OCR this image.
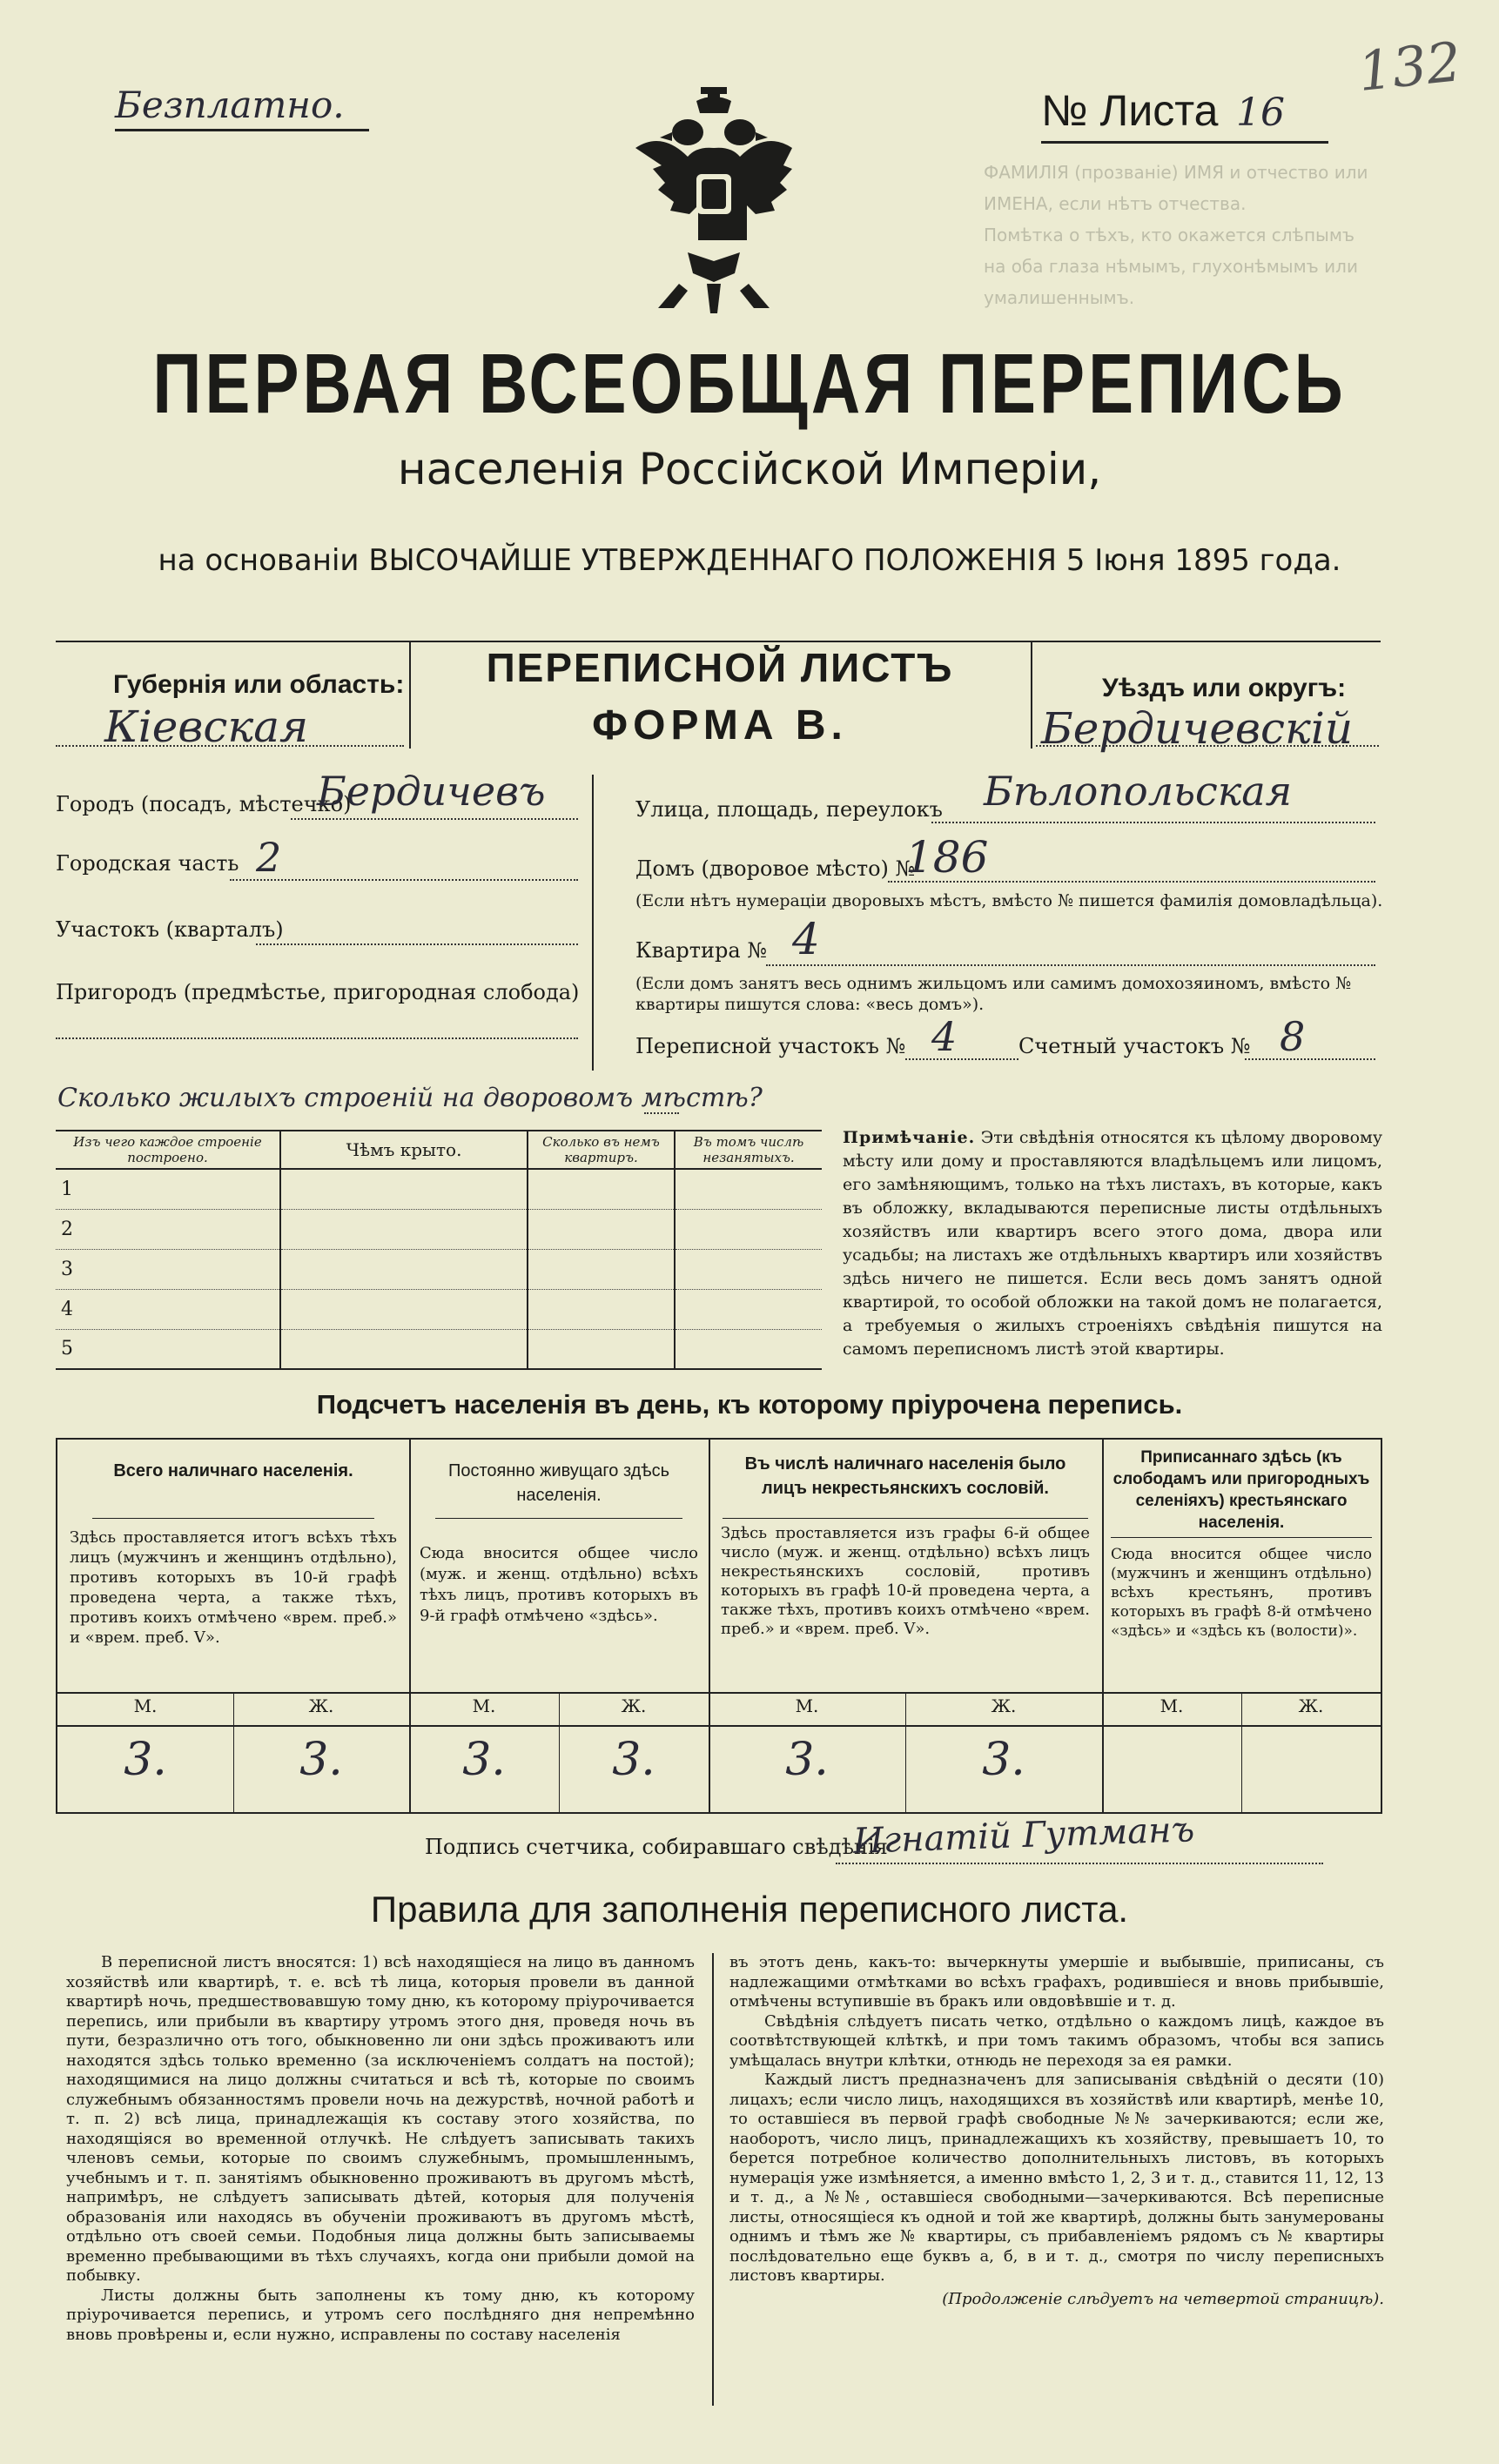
ФАМИЛІЯ (прозваніе) ИМЯ и отчество или
ИМЕНА, если нѣтъ отчества.
Помѣтка о тѣхъ, кто окажется слѣпымъ
на оба глаза нѣмымъ, глухонѣмымъ или
умалишеннымъ.
Безплатно.	№ Листа 16
132
ПЕРВАЯ ВСЕОБЩАЯ ПЕРЕПИСЬ
населенія Россійской Имперіи,
на основаніи ВЫСОЧАЙШЕ УТВЕРЖДЕННАГО ПОЛОЖЕНІЯ 5 Іюня 1895 года.
ПЕРЕПИСНОЙ ЛИСТЪ
ФОРМА В.
Губернія или область:
Кіевская
Уѣздъ или округъ:
Бердичевскій
Городъ (посадъ, мѣстечко)
Бердичевъ
Городская часть 2
Участокъ (кварталъ)
Пригородъ (предмѣстье, пригородная слобода)
Улица, площадь, переулокъ Бѣлопольская
Домъ (дворовое мѣсто) №
186
(Если нѣтъ нумераціи дворовыхъ мѣстъ, вмѣсто № пишется фамилія домовладѣльца).
Квартира № 4
(Если домъ занятъ весь однимъ жильцомъ или самимъ домохозяиномъ, вмѣсто № квартиры пишутся слова: «весь домъ»).
Переписной участокъ № 4	Счетный участокъ № 8
Сколько жилыхъ строеній на дворовомъ мѣстѣ?
Изъ чего каждое строеніе построено.	Чѣмъ крыто.	Сколько въ немъ квартиръ.	Въ томъ числѣ незанятыхъ.
1			
2			
3			
4			
5			
Примѣчаніе. Эти свѣдѣнія относятся къ цѣлому дворовому мѣсту или дому и проставляются владѣльцемъ или лицомъ, его замѣняющимъ, только на тѣхъ листахъ, въ которые, какъ въ обложку, вкладываются переписные листы отдѣльныхъ хозяйствъ или квартиръ всего этого дома, двора или усадьбы; на листахъ же отдѣльныхъ квартиръ или хозяйствъ здѣсь ничего не пишется. Если весь домъ занятъ одной квартирой, то особой обложки на такой домъ не полагается, а требуемыя о жилыхъ строеніяхъ свѣдѣнія пишутся на самомъ переписномъ листѣ этой квартиры.
Подсчетъ населенія въ день, къ которому пріурочена перепись.
Всего наличнаго населенія.
Здѣсь проставляется итогъ всѣхъ тѣхъ лицъ (мужчинъ и женщинъ отдѣльно), противъ которыхъ въ 10-й графѣ проведена черта, а также тѣхъ, противъ коихъ отмѣчено «врем. преб.» и «врем. преб. V».
Постоянно живущаго здѣсь населенія.
Сюда вносится общее число (муж. и женщ. отдѣльно) всѣхъ тѣхъ лицъ, противъ которыхъ въ 9-й графѣ отмѣчено «здѣсь».
Въ числѣ наличнаго населенія было лицъ некрестьянскихъ сословій.
Здѣсь проставляется изъ графы 6-й общее число (муж. и женщ. отдѣльно) всѣхъ лицъ некрестьянскихъ сословій, противъ которыхъ въ графѣ 10-й проведена черта, а также тѣхъ, противъ коихъ отмѣчено «врем. преб.» и «врем. преб. V».
Приписаннаго здѣсь (къ слободамъ или пригородныхъ селеніяхъ) крестьянскаго населенія.
Сюда вносится общее число (мужчинъ и женщинъ отдѣльно) всѣхъ крестьянъ, противъ которыхъ въ графѣ 8-й отмѣчено «здѣсь» и «здѣсь къ (волости)».
М.	Ж.	М.	Ж.	М.	Ж.	М.	Ж.
3.	3.	3.	3.	3.	3.
Подпись счетчика, собиравшаго свѣдѣнія
Игнатій Гутманъ
Правила для заполненія переписного листа.
В переписной листъ вносятся: 1) всѣ находящіеся на лицо въ данномъ хозяйствѣ или квартирѣ, т. е. всѣ тѣ лица, которыя провели въ данной квартирѣ ночь, предшествовавшую тому дню, къ которому пріурочивается перепись, или прибыли въ квартиру утромъ этого дня, проведя ночь въ пути, безразлично отъ того, обыкновенно ли они здѣсь проживаютъ или находятся здѣсь только временно (за исключеніемъ солдатъ на постой); находящимися на лицо должны считаться и всѣ тѣ, которые по своимъ служебнымъ обязанностямъ провели ночь на дежурствѣ, ночной работѣ и т. п. 2) всѣ лица, принадлежащія къ составу этого хозяйства, по находящіяся во временной отлучкѣ. Не слѣдуетъ записывать такихъ членовъ семьи, которые по своимъ служебнымъ, промышленнымъ, учебнымъ и т. п. занятіямъ обыкновенно проживаютъ въ другомъ мѣстѣ, напримѣръ, не слѣдуетъ записывать дѣтей, которыя для полученія образованія или находясь въ обученіи проживаютъ въ другомъ мѣстѣ, отдѣльно отъ своей семьи. Подобныя лица должны быть записываемы временно пребывающими въ тѣхъ случаяхъ, когда они прибыли домой на побывку.
Листы должны быть заполнены къ тому дню, къ которому пріурочивается перепись, и утромъ сего послѣдняго дня непремѣнно вновь провѣрены и, если нужно, исправлены по составу населенія
въ этотъ день, какъ-то: вычеркнуты умершіе и выбывшіе, приписаны, съ надлежащими отмѣтками во всѣхъ графахъ, родившіеся и вновь прибывшіе, отмѣчены вступившіе въ бракъ или овдовѣвшіе и т. д.
Свѣдѣнія слѣдуетъ писать четко, отдѣльно о каждомъ лицѣ, каждое въ соотвѣтствующей клѣткѣ, и при томъ такимъ образомъ, чтобы вся запись умѣщалась внутри клѣтки, отнюдь не переходя за ея рамки.
Каждый листъ предназначенъ для записыванія свѣдѣній о десяти (10) лицахъ; если число лицъ, находящихся въ хозяйствѣ или квартирѣ, менѣе 10, то оставшіеся въ первой графѣ свободные №№ зачеркиваются; если же, наоборотъ, число лицъ, принадлежащихъ къ хозяйству, превышаетъ 10, то берется потребное количество дополнительныхъ листовъ, въ которыхъ нумерація уже измѣняется, а именно вмѣсто 1, 2, 3 и т. д., ставится 11, 12, 13 и т. д., а №№, оставшіеся свободными—зачеркиваются. Всѣ переписные листы, относящіеся къ одной и той же квартирѣ, должны быть занумерованы однимъ и тѣмъ же № квартиры, съ прибавленіемъ рядомъ съ № квартиры послѣдовательно еще буквъ а, б, в и т. д., смотря по числу переписныхъ листовъ квартиры.
(Продолженіе слѣдуетъ на четвертой страницѣ).
